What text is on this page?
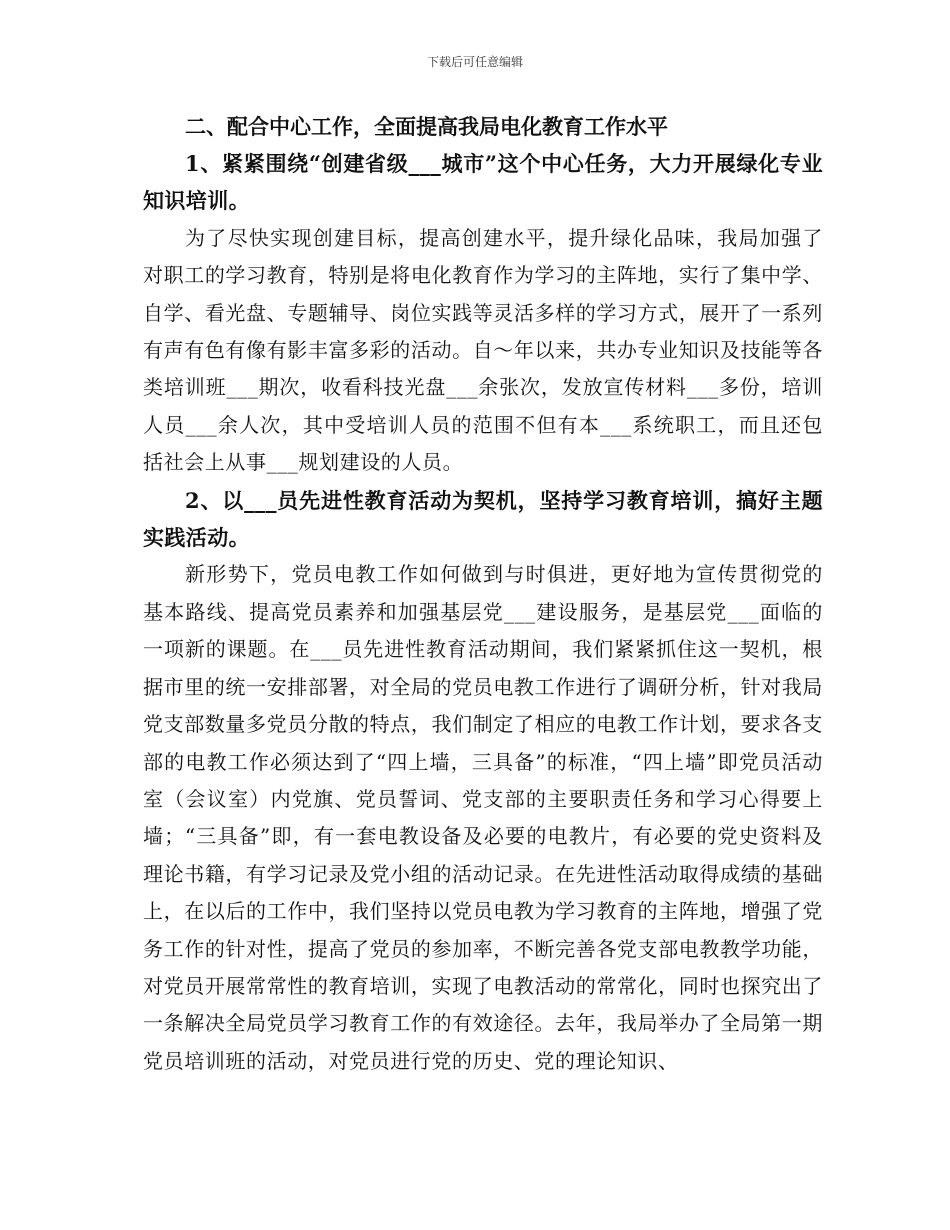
下载后可任意编辑

二、配合中心工作，全面提高我局电化教育工作水平

1、紧紧围绕“创建省级___城市”这个中心任务，大力开展绿化专业知识培训。

为了尽快实现创建目标，提高创建水平，提升绿化品味，我局加强了对职工的学习教育，特别是将电化教育作为学习的主阵地，实行了集中学、自学、看光盘、专题辅导、岗位实践等灵活多样的学习方式，展开了一系列有声有色有像有影丰富多彩的活动。自～年以来，共办专业知识及技能等各类培训班___期次，收看科技光盘___余张次，发放宣传材料___多份，培训人员___余人次，其中受培训人员的范围不但有本___系统职工，而且还包括社会上从事___规划建设的人员。

2、以___员先进性教育活动为契机，坚持学习教育培训，搞好主题实践活动。

新形势下，党员电教工作如何做到与时俱进，更好地为宣传贯彻党的基本路线、提高党员素养和加强基层党___建设服务，是基层党___面临的一项新的课题。在___员先进性教育活动期间，我们紧紧抓住这一契机，根据市里的统一安排部署，对全局的党员电教工作进行了调研分析，针对我局党支部数量多党员分散的特点，我们制定了相应的电教工作计划，要求各支部的电教工作必须达到了“四上墙，三具备”的标准，“四上墙”即党员活动室（会议室）内党旗、党员誓词、党支部的主要职责任务和学习心得要上墙；“三具备”即，有一套电教设备及必要的电教片，有必要的党史资料及理论书籍，有学习记录及党小组的活动记录。在先进性活动取得成绩的基础上，在以后的工作中，我们坚持以党员电教为学习教育的主阵地，增强了党务工作的针对性，提高了党员的参加率，不断完善各党支部电教教学功能，对党员开展常常性的教育培训，实现了电教活动的常常化，同时也探究出了一条解决全局党员学习教育工作的有效途径。去年，我局举办了全局第一期党员培训班的活动，对党员进行党的历史、党的理论知识、
